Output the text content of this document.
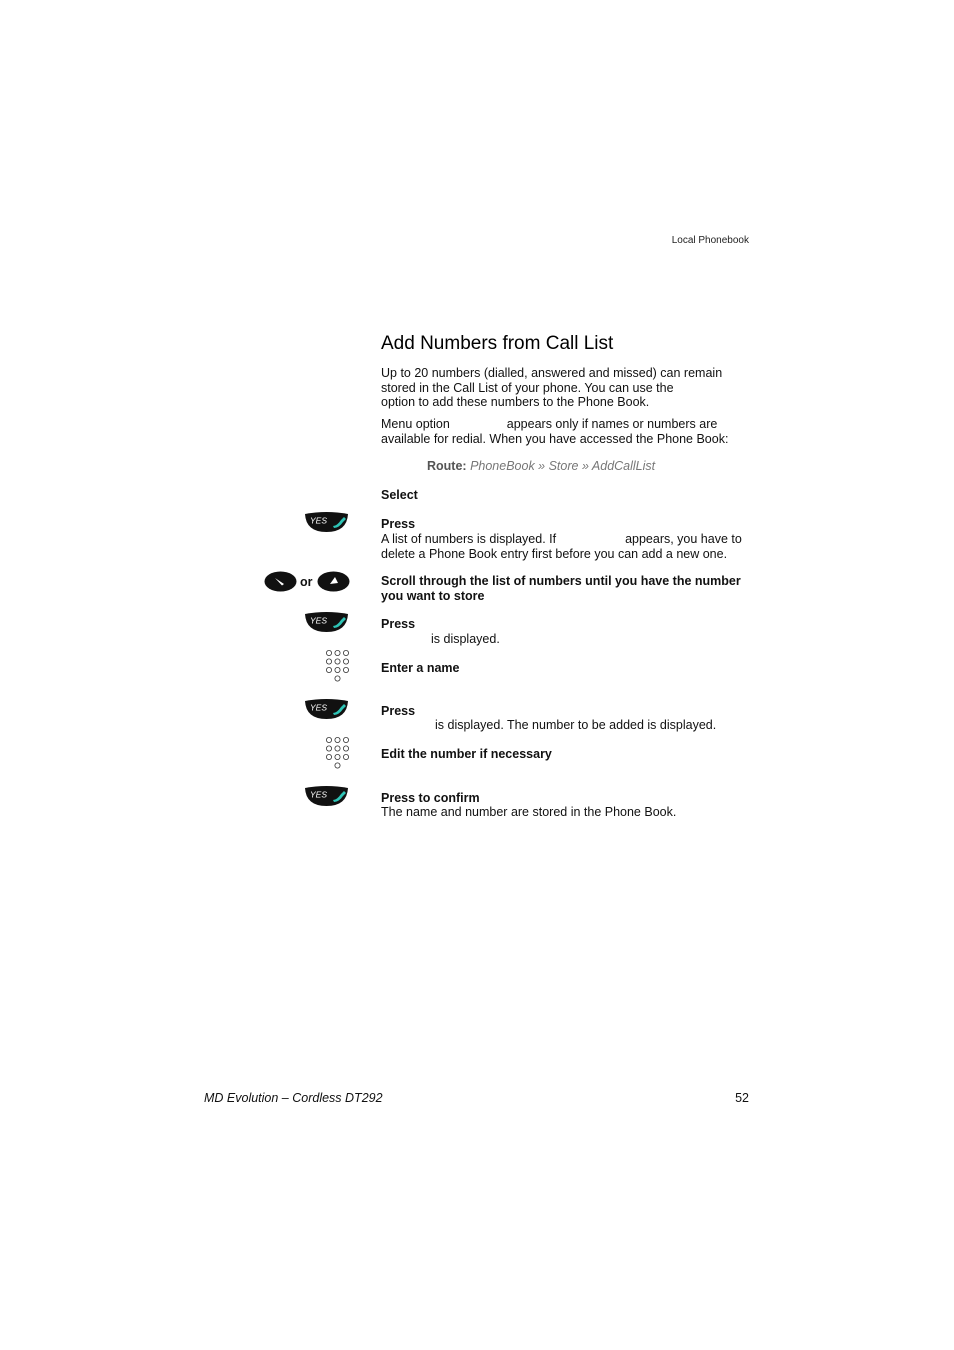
Local Phonebook
Add Numbers from Call List

Up to 20 numbers (dialled, answered and missed) can remain stored in the Call List of your phone. You can use the
option to add these numbers to the Phone Book.

Menu option	appears only if names or numbers are available for redial. When you have accessed the Phone Book:

Route: PhoneBook » Store » AddCallList
Select
YES	Press
A list of numbers is displayed. If	appears, you have to delete a Phone Book entry first before you can add a new one.
or	Scroll through the list of numbers until you have the number you want to store
YES	Press
is displayed.
Enter a name
YES	Press
is displayed. The number to be added is displayed.
Edit the number if necessary
YES	Press to confirm
The name and number are stored in the Phone Book.
MD Evolution – Cordless DT292	52
